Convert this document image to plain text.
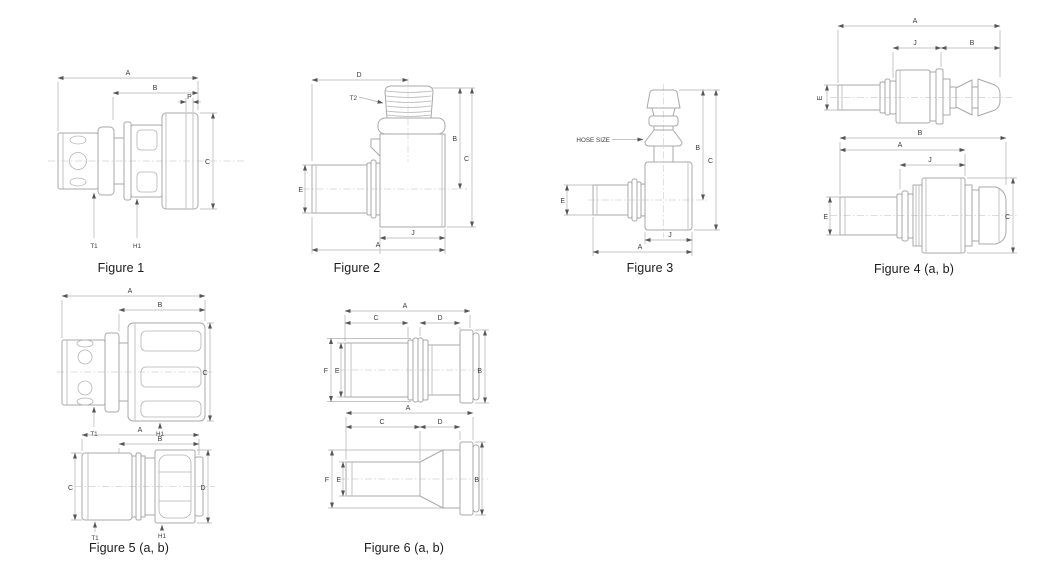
A
B
P
C
T1	H1
Figure 1
D
T2
B
C
E
J
A
Figure 2
HOSE SIZE
B
C
E
J
A
Figure 3
A
J	B
E
B
A
J
E	C
Figure 4 (a, b)
A
B
C
T1	H1
A
B
C	D
T1	H1
Figure 5 (a, b)
A
C	D
F E	B
A
C	D
F E	B
Figure 6 (a, b)
